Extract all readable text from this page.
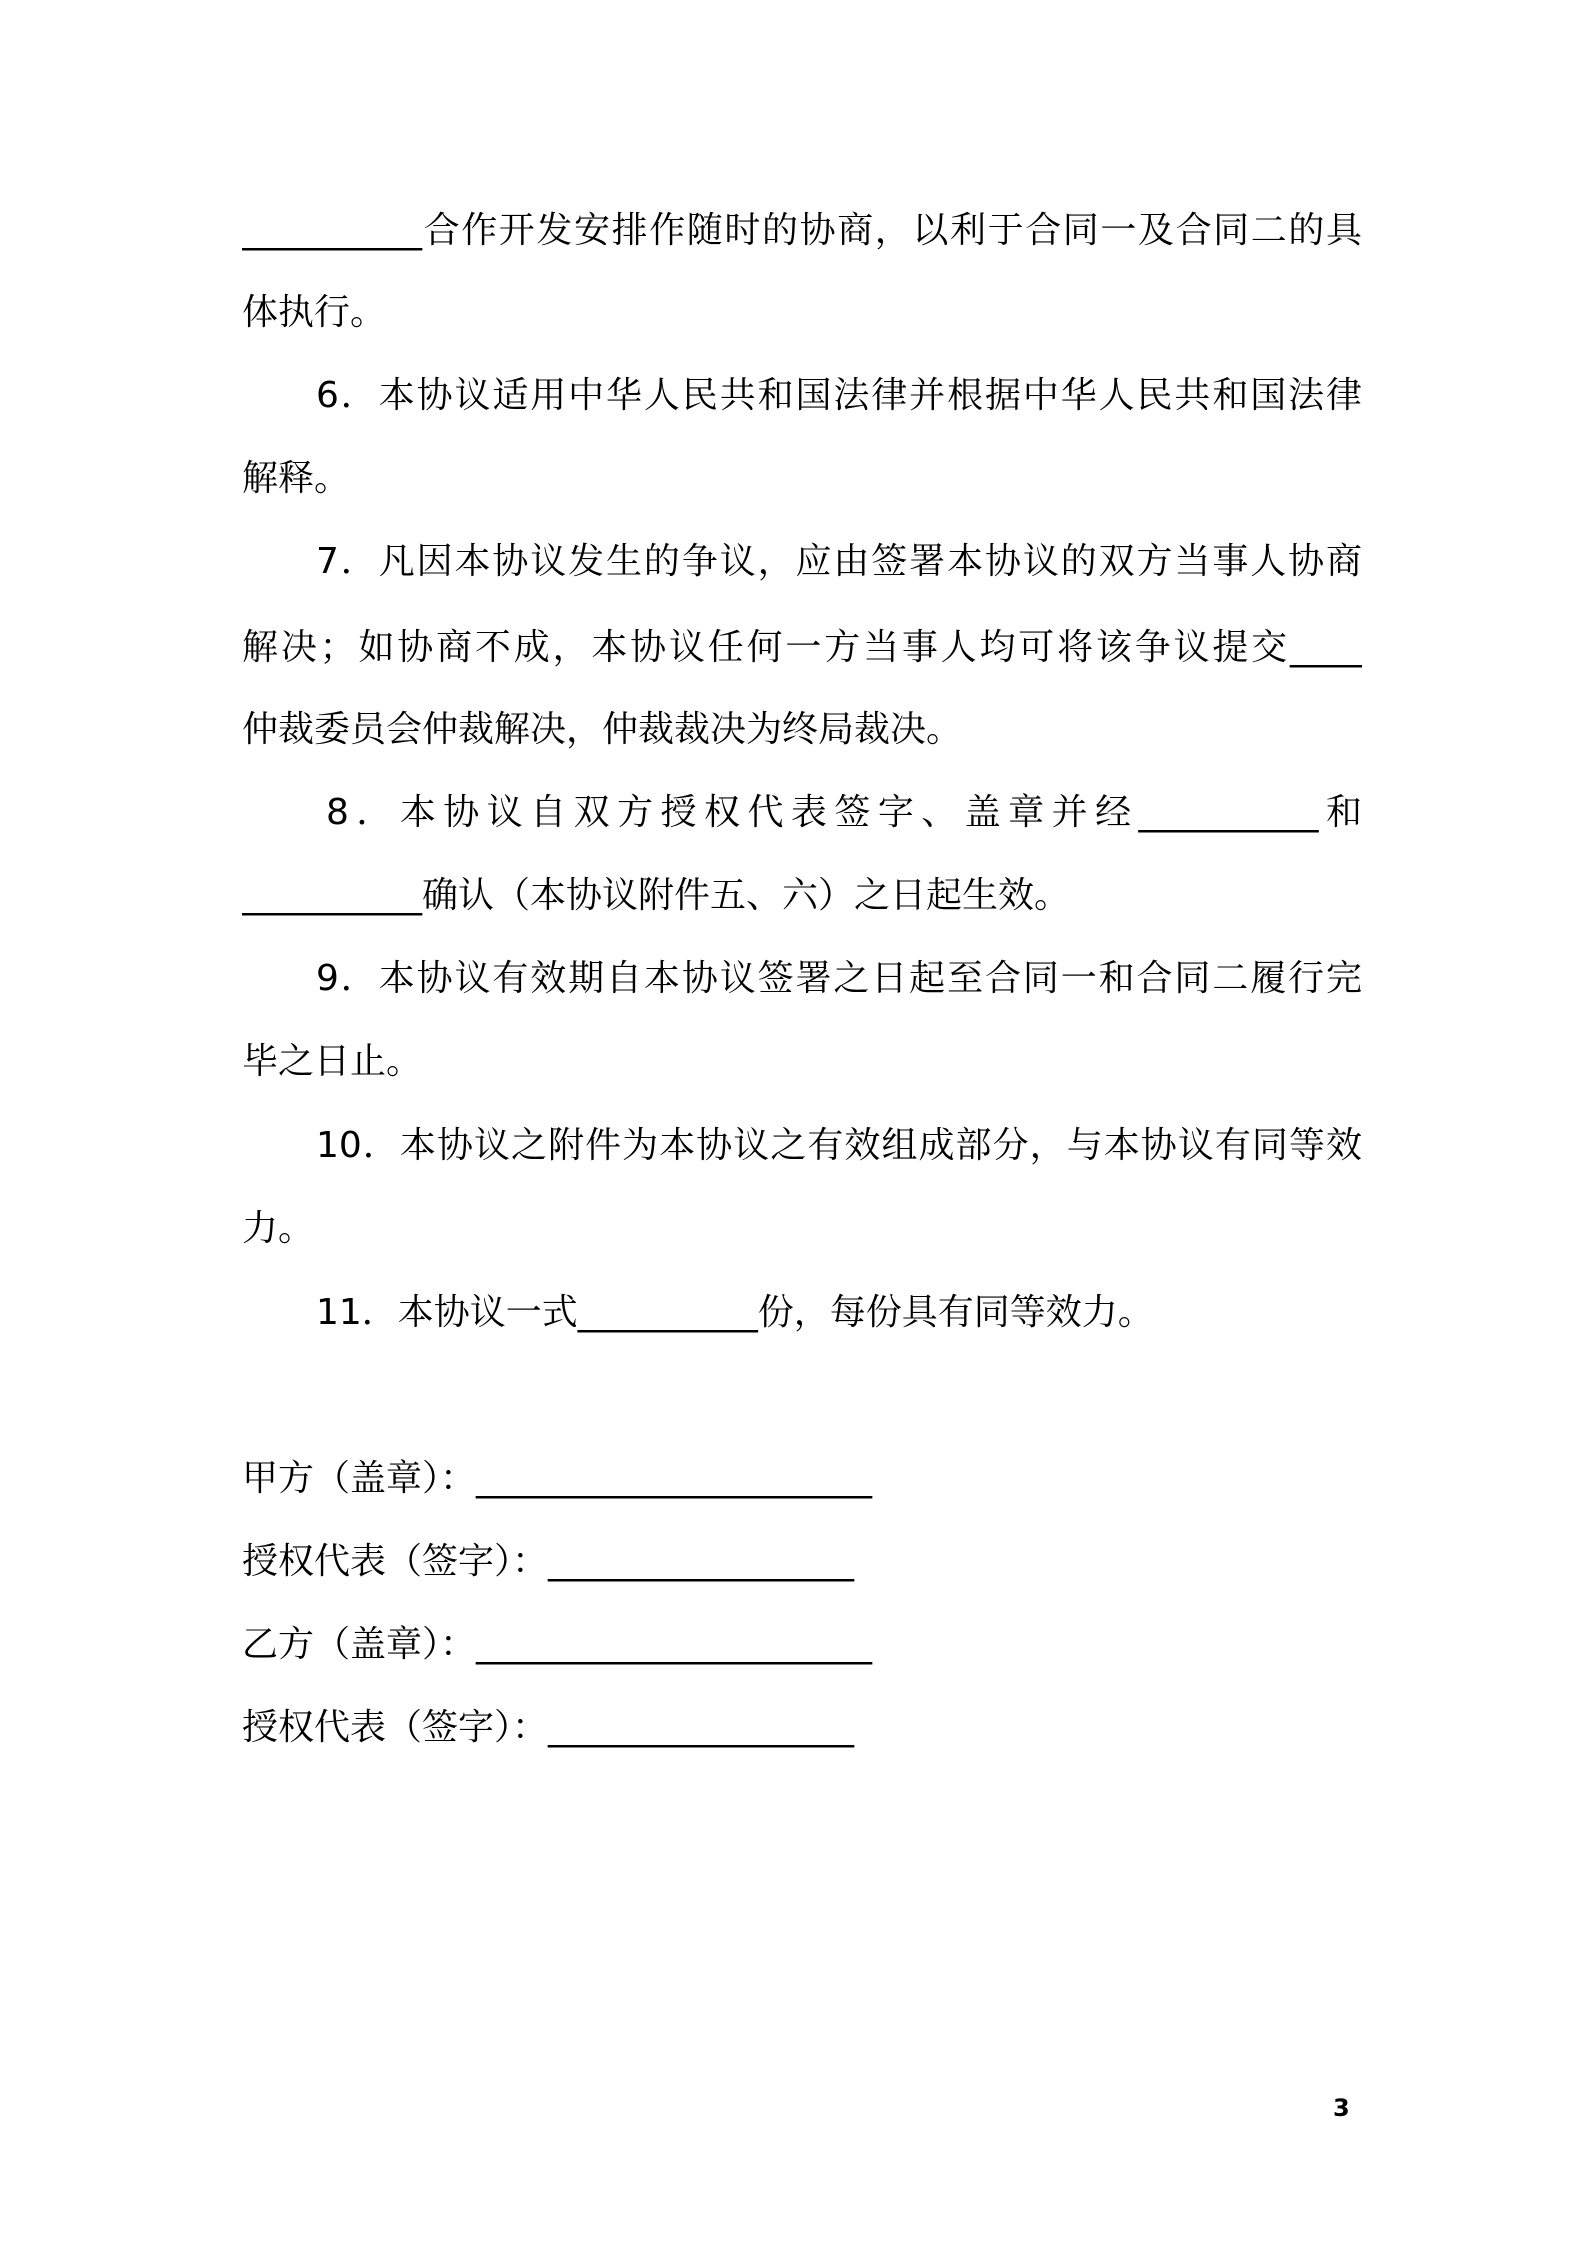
__________合作开发安排作随时的协商，以利于合同一及合同二的具
体执行。
6．本协议适用中华人民共和国法律并根据中华人民共和国法律
解释。
7．凡因本协议发生的争议，应由签署本协议的双方当事人协商
解决；如协商不成，本协议任何一方当事人均可将该争议提交____
仲裁委员会仲裁解决，仲裁裁决为终局裁决。
8．本协议自双方授权代表签字、盖章并经__________和
__________确认（本协议附件五、六）之日起生效。
9．本协议有效期自本协议签署之日起至合同一和合同二履行完
毕之日止。
10．本协议之附件为本协议之有效组成部分，与本协议有同等效
力。
11．本协议一式__________份，每份具有同等效力。
甲方（盖章）：______________________
授权代表（签字）：_________________
乙方（盖章）：______________________
授权代表（签字）：_________________
3
